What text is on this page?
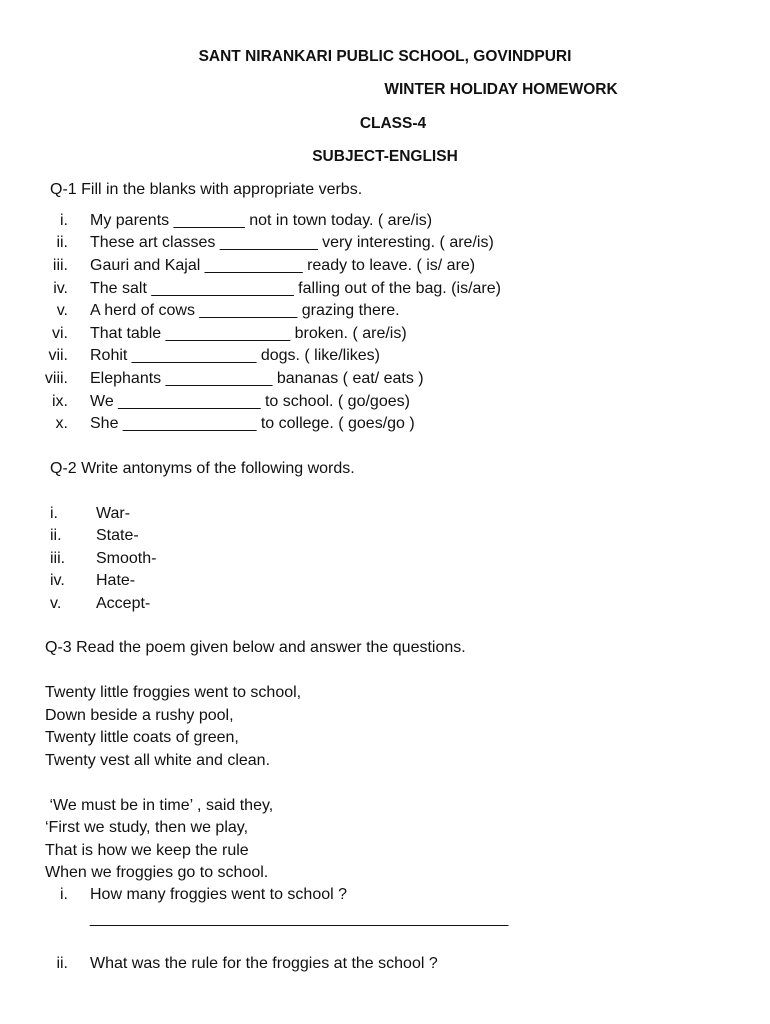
SANT NIRANKARI PUBLIC SCHOOL, GOVINDPURI
WINTER HOLIDAY HOMEWORK
CLASS-4
SUBJECT-ENGLISH
Q-1 Fill in the blanks with appropriate verbs.
i. My parents ________ not in town today. ( are/is)
ii. These art classes ___________ very interesting. ( are/is)
iii. Gauri and Kajal ___________ ready to leave. ( is/ are)
iv. The salt ________________ falling out of the bag. (is/are)
v. A herd of cows ___________ grazing there.
vi. That table ______________ broken. ( are/is)
vii. Rohit ______________ dogs. ( like/likes)
viii. Elephants ____________ bananas ( eat/ eats )
ix. We ________________ to school. ( go/goes)
x. She _______________ to college. ( goes/go )
Q-2 Write antonyms of the following words.
i. War-
ii. State-
iii. Smooth-
iv. Hate-
v. Accept-
Q-3 Read the poem given below and answer the questions.
Twenty little froggies went to school,
Down beside a rushy pool,
Twenty little coats of green,
Twenty vest all white and clean.
‘We must be in time’ , said they,
‘First we study, then we play,
That is how we keep the rule
When we froggies go to school.
i. How many froggies went to school ?
_______________________________________________
ii. What was the rule for the froggies at the school ?
